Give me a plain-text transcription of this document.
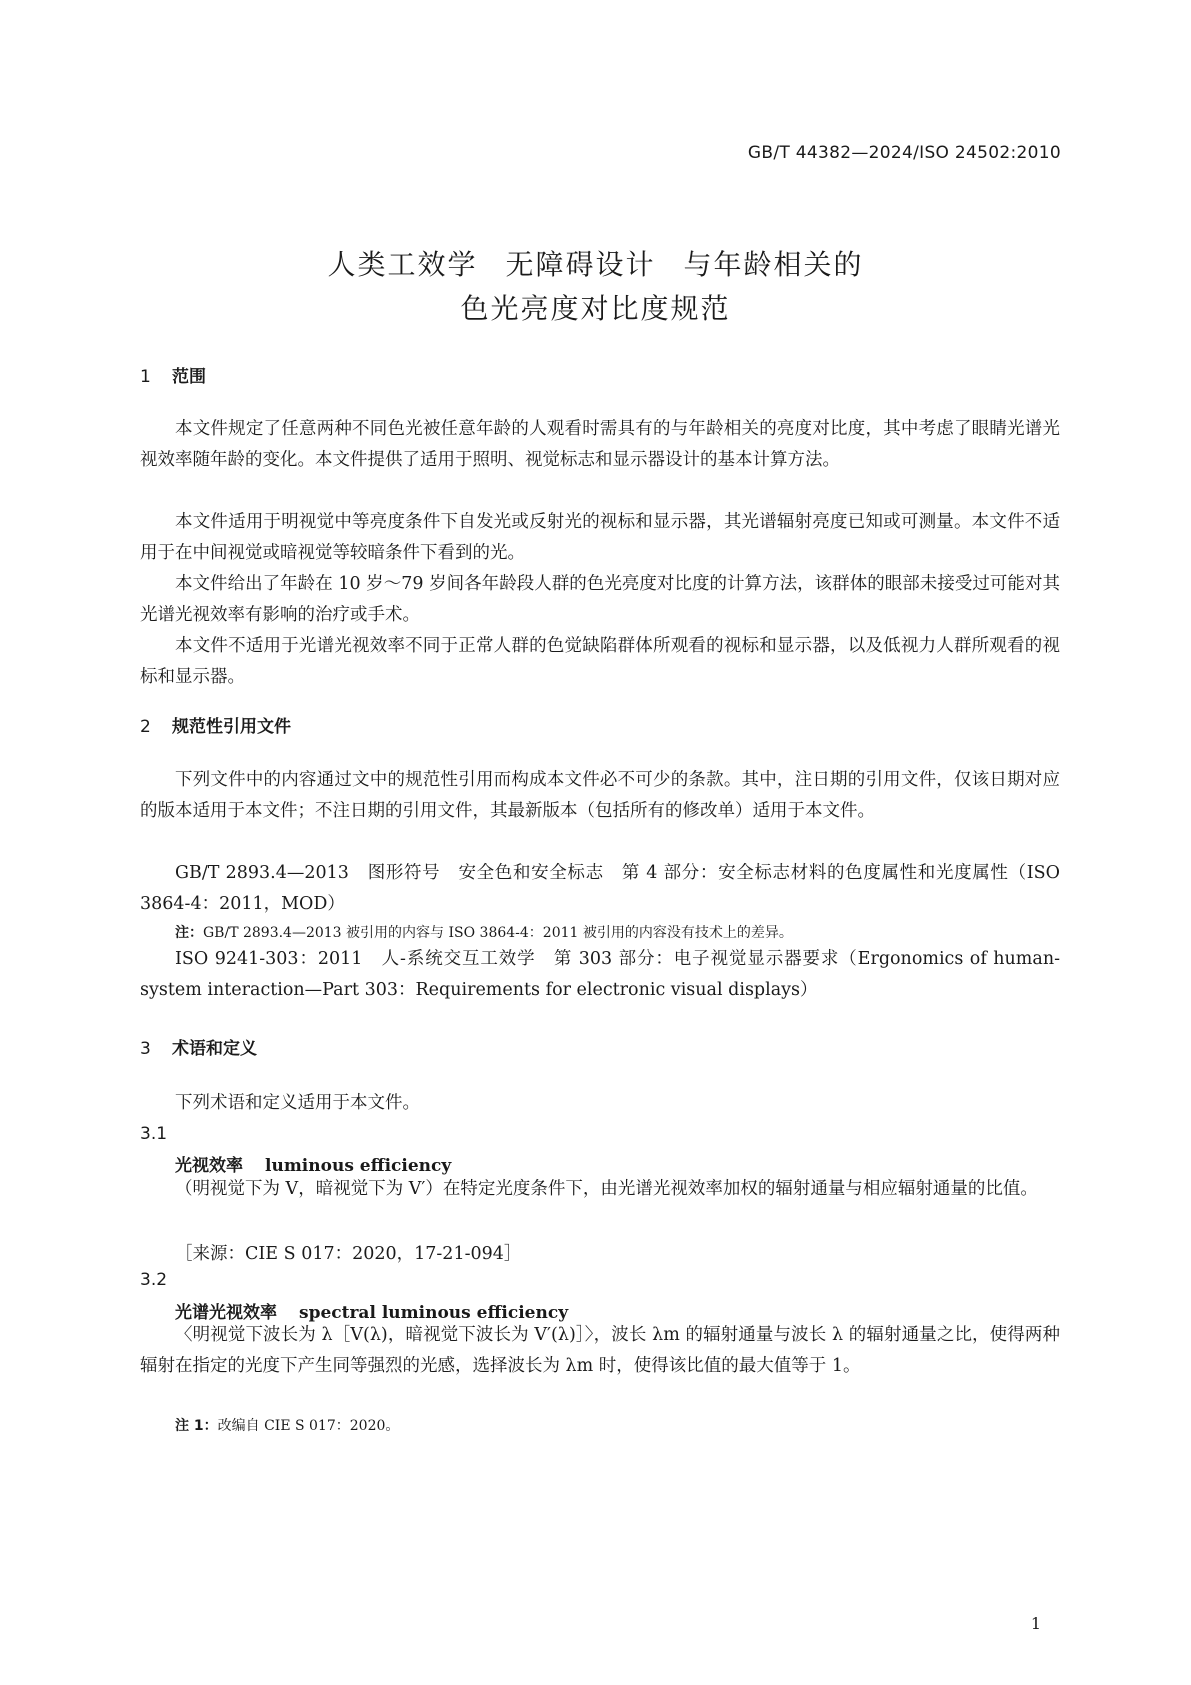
GB/T 44382—2024/ISO 24502:2010
人类工效学 无障碍设计 与年龄相关的
色光亮度对比度规范
1 范围
本文件规定了任意两种不同色光被任意年龄的人观看时需具有的与年龄相关的亮度对比度，其中考虑了眼睛光谱光视效率随年龄的变化。本文件提供了适用于照明、视觉标志和显示器设计的基本计算方法。
本文件适用于明视觉中等亮度条件下自发光或反射光的视标和显示器，其光谱辐射亮度已知或可测量。本文件不适用于在中间视觉或暗视觉等较暗条件下看到的光。
本文件给出了年龄在 10 岁～79 岁间各年龄段人群的色光亮度对比度的计算方法，该群体的眼部未接受过可能对其光谱光视效率有影响的治疗或手术。
本文件不适用于光谱光视效率不同于正常人群的色觉缺陷群体所观看的视标和显示器，以及低视力人群所观看的视标和显示器。
2 规范性引用文件
下列文件中的内容通过文中的规范性引用而构成本文件必不可少的条款。其中，注日期的引用文件，仅该日期对应的版本适用于本文件；不注日期的引用文件，其最新版本（包括所有的修改单）适用于本文件。
GB/T 2893.4—2013　图形符号　安全色和安全标志　第 4 部分：安全标志材料的色度属性和光度属性（ISO 3864-4：2011，MOD）
注：GB/T 2893.4—2013 被引用的内容与 ISO 3864-4：2011 被引用的内容没有技术上的差异。
ISO 9241-303：2011　人-系统交互工效学　第 303 部分：电子视觉显示器要求（Ergonomics of human-system interaction—Part 303：Requirements for electronic visual displays）
3 术语和定义
下列术语和定义适用于本文件。
3.1
光视效率 luminous efficiency
（明视觉下为 V，暗视觉下为 V′）在特定光度条件下，由光谱光视效率加权的辐射通量与相应辐射通量的比值。
［来源：CIE S 017：2020，17-21-094］
3.2
光谱光视效率 spectral luminous efficiency
〈明视觉下波长为 λ［V(λ)，暗视觉下波长为 V′(λ)］〉，波长 λm 的辐射通量与波长 λ 的辐射通量之比，使得两种辐射在指定的光度下产生同等强烈的光感，选择波长为 λm 时，使得该比值的最大值等于 1。
注 1：改编自 CIE S 017：2020。
1
